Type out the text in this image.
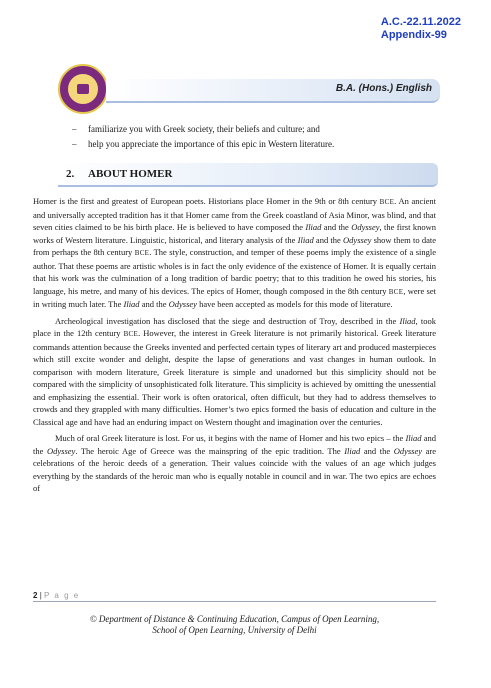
A.C.-22.11.2022
Appendix-99
B.A. (Hons.) English
–	familiarize you with Greek society, their beliefs and culture; and
–	help you appreciate the importance of this epic in Western literature.
2. ABOUT HOMER

Homer is the first and greatest of European poets. Historians place Homer in the 9th or 8th century BCE. An ancient and universally accepted tradition has it that Homer came from the Greek coastland of Asia Minor, was blind, and that seven cities claimed to be his birth place. He is believed to have composed the Iliad and the Odyssey, the first known works of Western literature. Linguistic, historical, and literary analysis of the Iliad and the Odyssey show them to date from perhaps the 8th century BCE. The style, construction, and temper of these poems imply the existence of a single author. That these poems are artistic wholes is in fact the only evidence of the existence of Homer. It is equally certain that his work was the culmination of a long tradition of bardic poetry; that to this tradition he owed his stories, his language, his metre, and many of his devices. The epics of Homer, though composed in the 8th century BCE, were set in writing much later. The Iliad and the Odyssey have been accepted as models for this mode of literature.

Archeological investigation has disclosed that the siege and destruction of Troy, described in the Iliad, took place in the 12th century BCE. However, the interest in Greek literature is not primarily historical. Greek literature commands attention because the Greeks invented and perfected certain types of literary art and produced masterpieces which still excite wonder and delight, despite the lapse of generations and vast changes in human outlook. In comparison with modern literature, Greek literature is simple and unadorned but this simplicity should not be compared with the simplicity of unsophisticated folk literature. This simplicity is achieved by omitting the unessential and emphasizing the essential. Their work is often oratorical, often difficult, but they had to address themselves to crowds and they grappled with many difficulties. Homer’s two epics formed the basis of education and culture in the Classical age and have had an enduring impact on Western thought and imagination over the centuries.

Much of oral Greek literature is lost. For us, it begins with the name of Homer and his two epics – the Iliad and the Odyssey. The heroic Age of Greece was the mainspring of the epic tradition. The Iliad and the Odyssey are celebrations of the heroic deeds of a generation. Their values coincide with the values of an age which judges everything by the standards of the heroic man who is equally notable in council and in war. The two epics are echoes of

2 | P a g e
© Department of Distance & Continuing Education, Campus of Open Learning,
School of Open Learning, University of Delhi
